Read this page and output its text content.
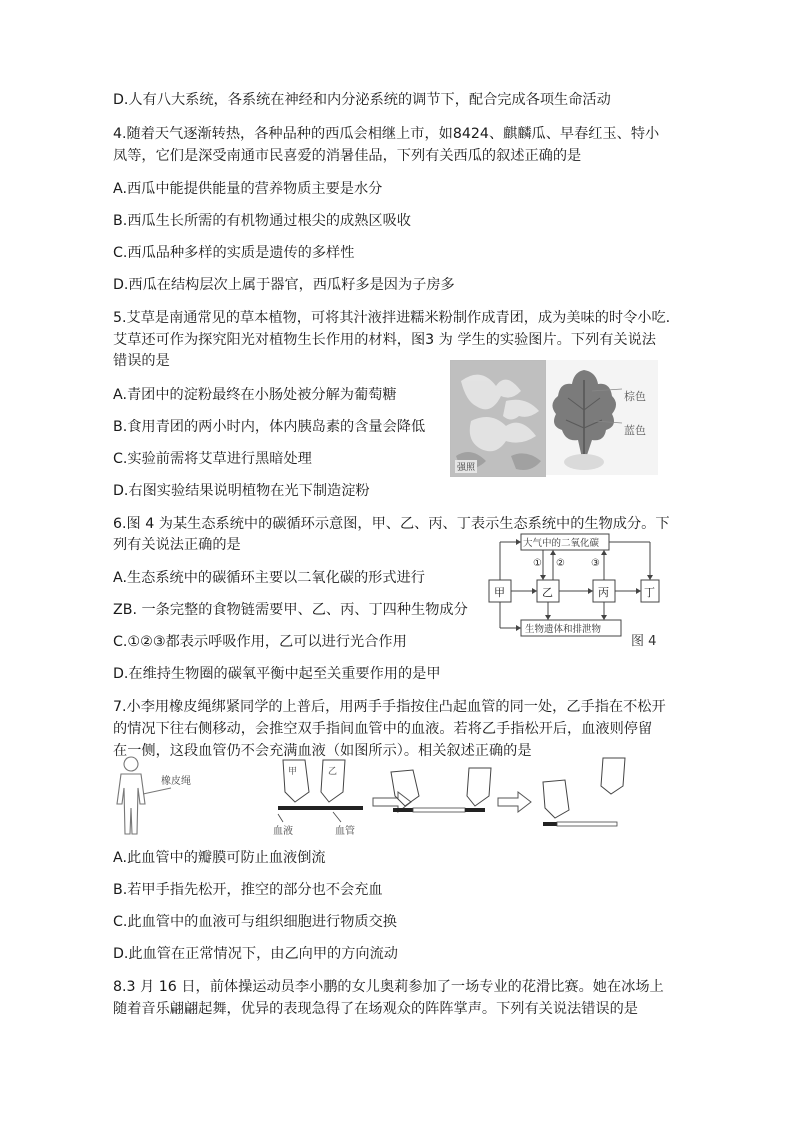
D.人有八大系统，各系统在神经和内分泌系统的调节下，配合完成各项生命活动
4.随着天气逐渐转热，各种品种的西瓜会相继上市，如8424、麒麟瓜、早春红玉、特小
凤等，它们是深受南通市民喜爱的消暑佳品，下列有关西瓜的叙述正确的是
A.西瓜中能提供能量的营养物质主要是水分
B.西瓜生长所需的有机物通过根尖的成熟区吸收
C.西瓜品种多样的实质是遗传的多样性
D.西瓜在结构层次上属于器官，西瓜籽多是因为子房多
5.艾草是南通常见的草本植物，可将其汁液拌进糯米粉制作成青团，成为美味的时令小吃.
艾草还可作为探究阳光对植物生长作用的材料，图3 为 学生的实验图片。下列有关说法
错误的是
A.青团中的淀粉最终在小肠处被分解为葡萄糖
B.食用青团的两小时内，体内胰岛素的含量会降低
C.实验前需将艾草进行黑暗处理
D.右图实验结果说明植物在光下制造淀粉
6.图 4 为某生态系统中的碳循环示意图，甲、乙、丙、丁表示生态系统中的生物成分。下
列有关说法正确的是
A.生态系统中的碳循环主要以二氧化碳的形式进行
ZB. 一条完整的食物链需要甲、乙、丙、丁四种生物成分
C.①②③都表示呼吸作用，乙可以进行光合作用
D.在维持生物圈的碳氧平衡中起至关重要作用的是甲
7.小李用橡皮绳绑紧同学的上普后，用两手手指按住凸起血管的同一处，乙手指在不松开
的情况下往右侧移动，会推空双手指间血管中的血液。若将乙手指松开后，血液则停留
在一侧，这段血管仍不会充满血液（如图所示）。相关叙述正确的是
A.此血管中的瓣膜可防止血液倒流
B.若甲手指先松开，推空的部分也不会充血
C.此血管中的血液可与组织细胞进行物质交换
D.此血管在正常情况下，由乙向甲的方向流动
8.3 月 16 日，前体操运动员李小鹏的女儿奥莉参加了一场专业的花滑比赛。她在冰场上
随着音乐翩翩起舞，优异的表现急得了在场观众的阵阵掌声。下列有关说法错误的是
强照
棕色
蓝色
大气中的二氧化碳
生物遗体和排泄物
甲	乙	丙	丁
① ②	③
图 4
橡皮绳
血液	血管
甲	乙
